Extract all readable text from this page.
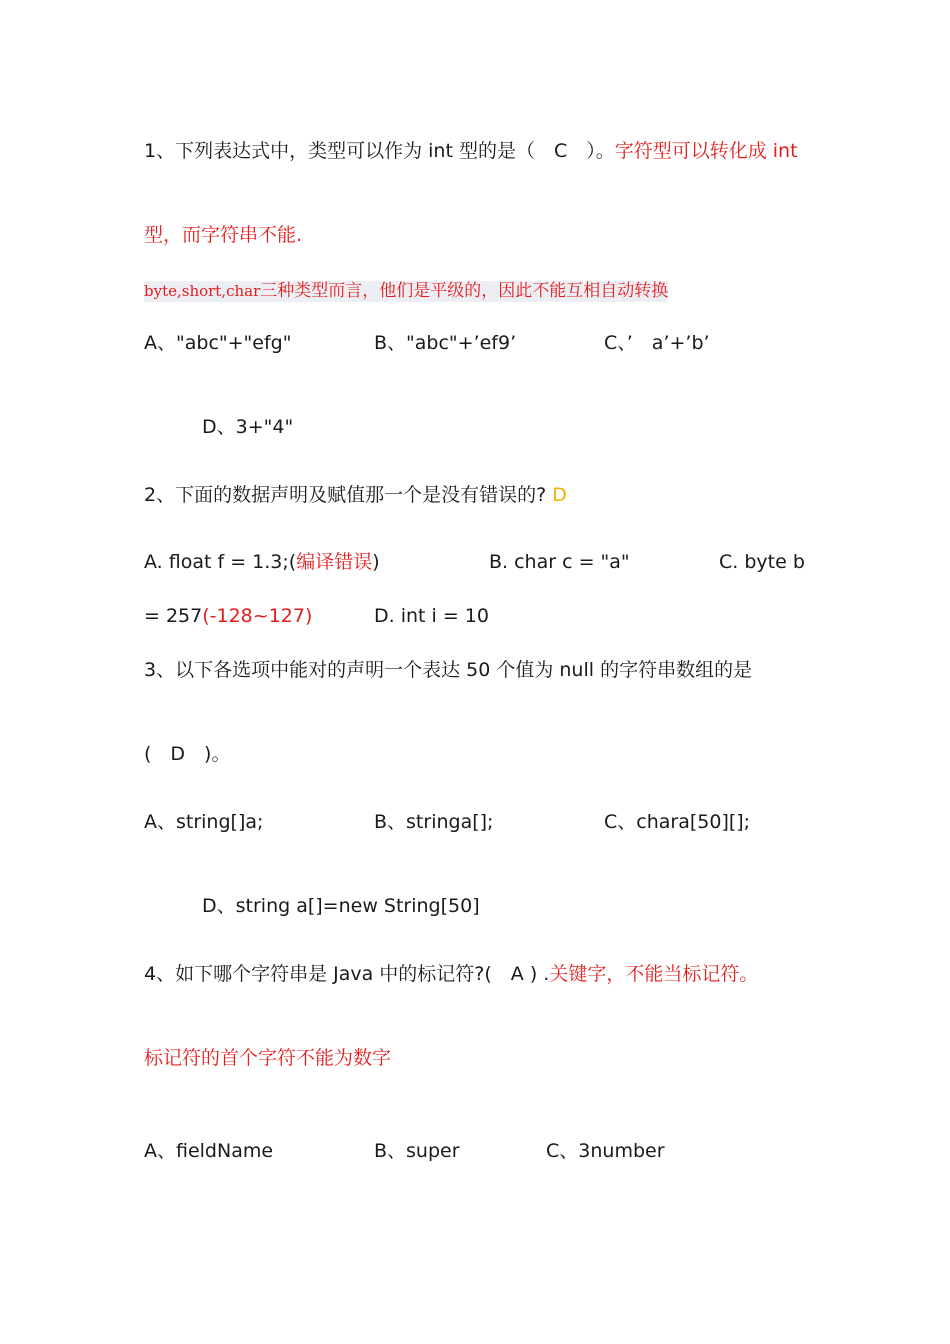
1、下列表达式中，类型可以作为 int 型的是（　C　）。字符型可以转化成 int
型，而字符串不能.
byte,short,char三种类型而言，他们是平级的，因此不能互相自动转换
A、"abc"+"efg"	B、"abc"+’ef9’	C、’　a’+’b’
D、3+"4"
2、下面的数据声明及赋值那一个是没有错误的? D
A. float f = 1.3;(编译错误)	B. char c = "a"	C. byte b
= 257(-128~127)	D. int i = 10
3、以下各选项中能对的声明一个表达 50 个值为 null 的字符串数组的是
(　D　)。
A、string[]a;	B、stringa[];	C、chara[50][];
D、string a[]=new String[50]
4、如下哪个字符串是 Java 中的标记符?(　A ) .关键字，不能当标记符。
标记符的首个字符不能为数字
A、fieldName	B、super	C、3number
